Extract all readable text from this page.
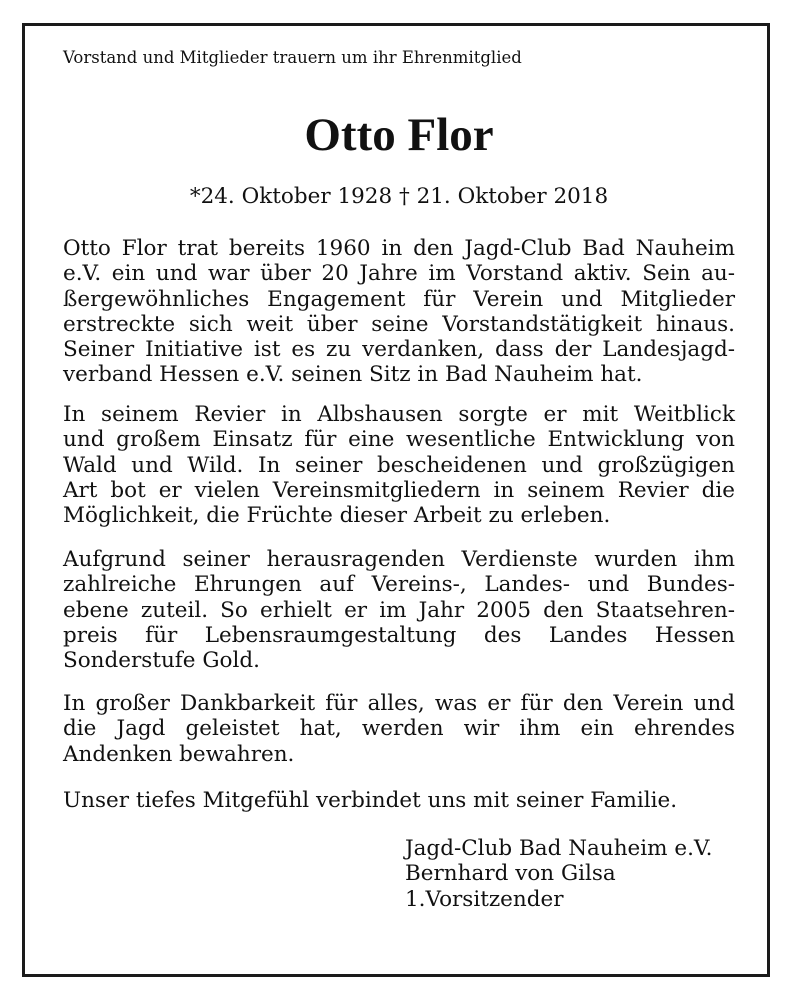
Vorstand und Mitglieder trauern um ihr Ehrenmitglied
Otto Flor
*24. Oktober 1928 † 21. Oktober 2018

Otto Flor trat bereits 1960 in den Jagd-Club Bad Nauheim
e.V. ein und war über 20 Jahre im Vorstand aktiv. Sein au-
ßergewöhnliches Engagement für Verein und Mitglieder
erstreckte sich weit über seine Vorstandstätigkeit hinaus.
Seiner Initiative ist es zu verdanken, dass der Landesjagd-
verband Hessen e.V. seinen Sitz in Bad Nauheim hat.

In seinem Revier in Albshausen sorgte er mit Weitblick
und großem Einsatz für eine wesentliche Entwicklung von
Wald und Wild. In seiner bescheidenen und großzügigen
Art bot er vielen Vereinsmitgliedern in seinem Revier die
Möglichkeit, die Früchte dieser Arbeit zu erleben.

Aufgrund seiner herausragenden Verdienste wurden ihm
zahlreiche Ehrungen auf Vereins-, Landes- und Bundes-
ebene zuteil. So erhielt er im Jahr 2005 den Staatsehren-
preis für Lebensraumgestaltung des Landes Hessen
Sonderstufe Gold.

In großer Dankbarkeit für alles, was er für den Verein und
die Jagd geleistet hat, werden wir ihm ein ehrendes
Andenken bewahren.

Unser tiefes Mitgefühl verbindet uns mit seiner Familie.

Jagd-Club Bad Nauheim e.V.
Bernhard von Gilsa
1.Vorsitzender
